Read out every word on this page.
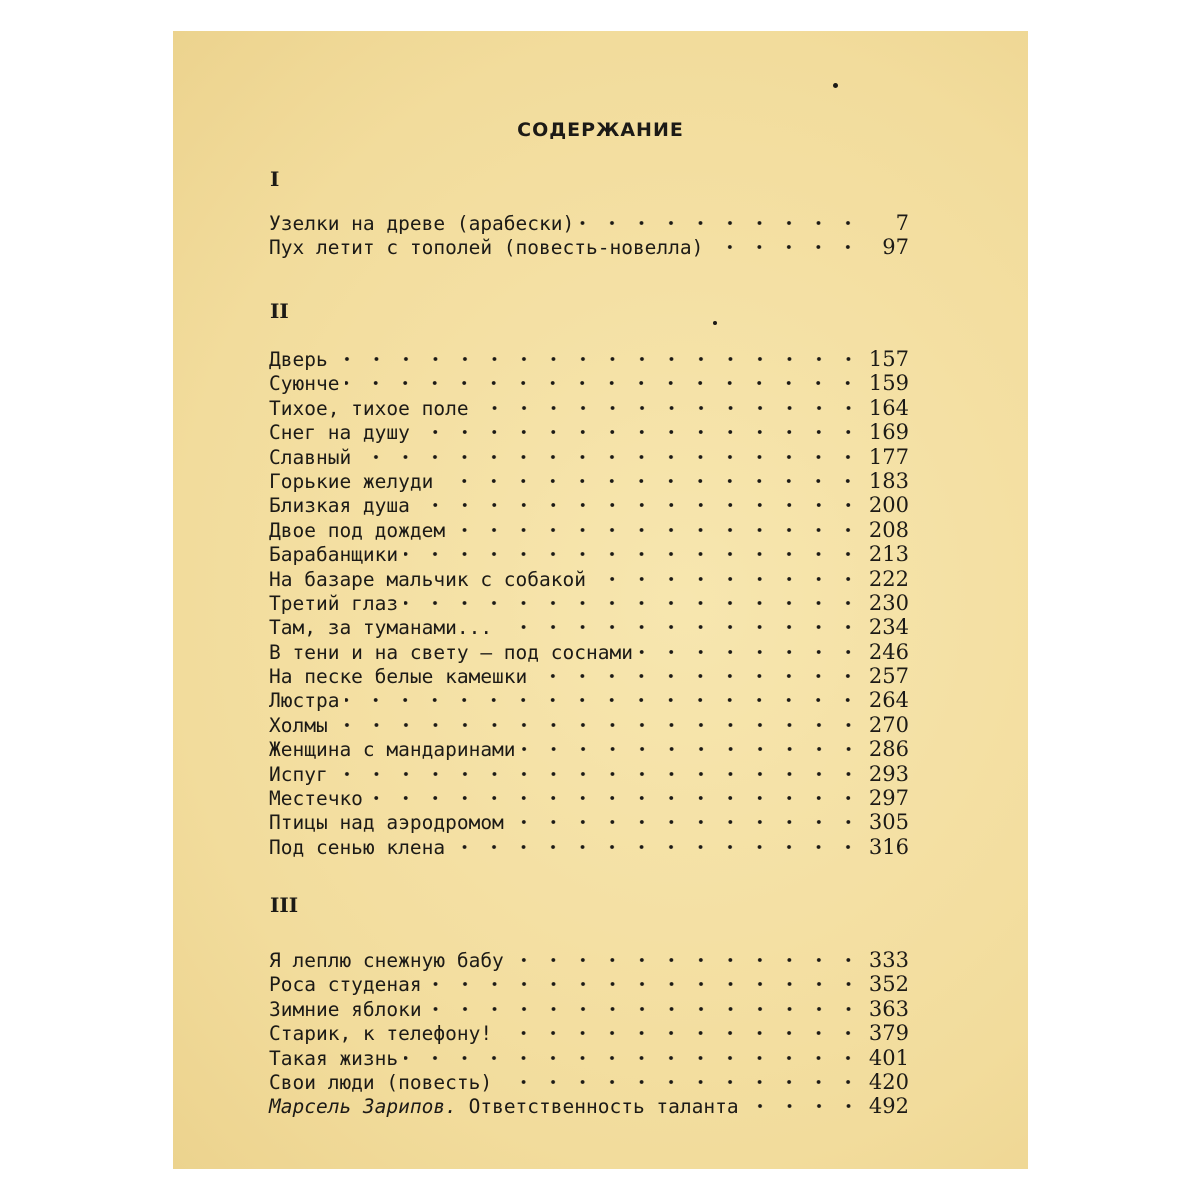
СОДЕРЖАНИЕ
I
Узелки на древе (арабески)	7
Пух летит с тополей (повесть-новелла)	97
II
Дверь	157
Суюнче	159
Тихое, тихое поле	164
Снег на душу	169
Славный	177
Горькие желуди	183
Близкая душа	200
Двое под дождем	208
Барабанщики	213
На базаре мальчик с собакой	222
Третий глаз	230
Там, за туманами...	234
В тени и на свету — под соснами	246
На песке белые камешки	257
Люстра	264
Холмы	270
Женщина с мандаринами	286
Испуг	293
Местечко	297
Птицы над аэродромом	305
Под сенью клена	316
III
Я леплю снежную бабу	333
Роса студеная	352
Зимние яблоки	363
Старик, к телефону!	379
Такая жизнь	401
Свои люди (повесть)	420
Марсель Зарипов. Ответственность таланта	492
